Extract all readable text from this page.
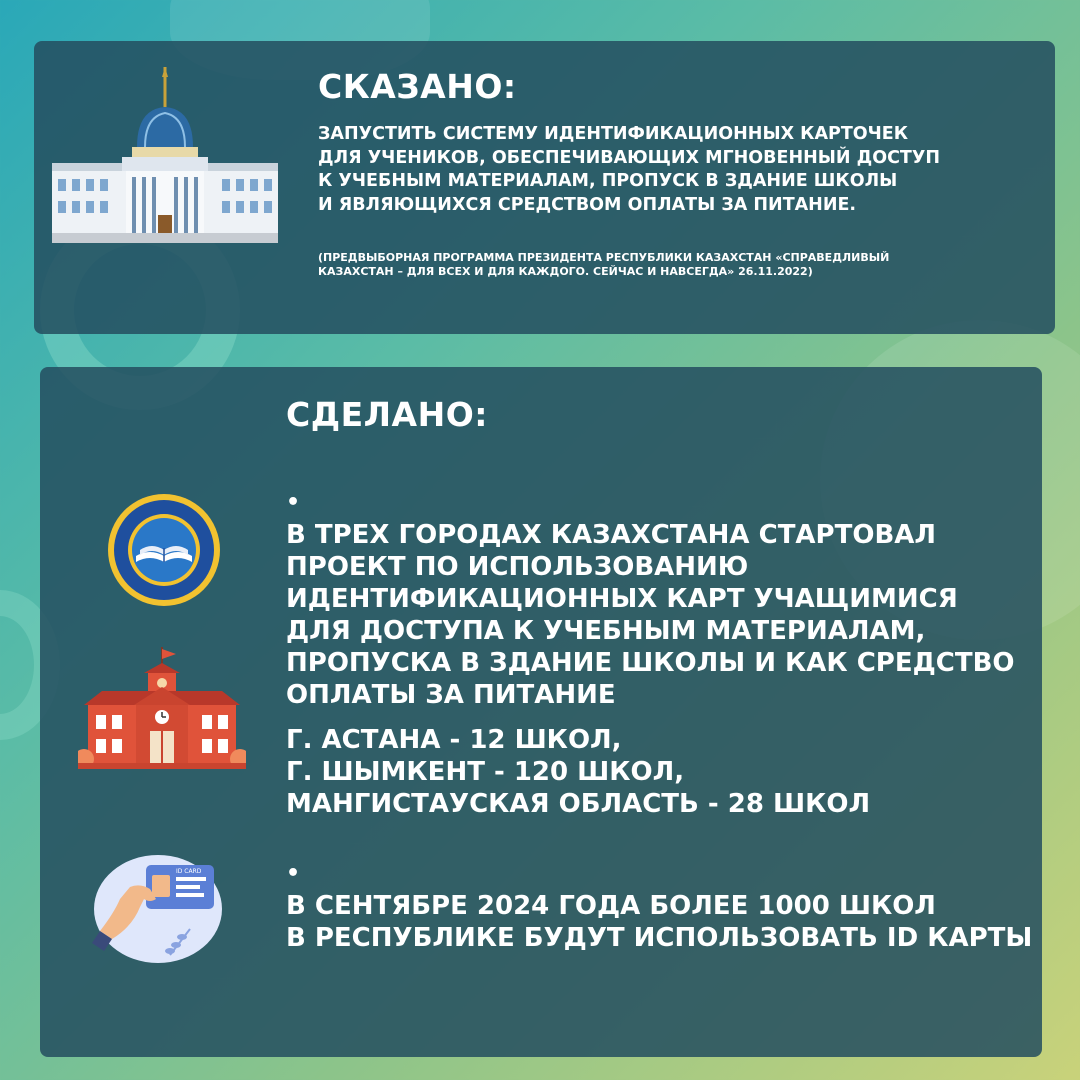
СКАЗАНО:
ЗАПУСТИТЬ СИСТЕМУ ИДЕНТИФИКАЦИОННЫХ КАРТОЧЕК
ДЛЯ УЧЕНИКОВ, ОБЕСПЕЧИВАЮЩИХ МГНОВЕННЫЙ ДОСТУП
К УЧЕБНЫМ МАТЕРИАЛАМ, ПРОПУСК В ЗДАНИЕ ШКОЛЫ
И ЯВЛЯЮЩИХСЯ СРЕДСТВОМ ОПЛАТЫ ЗА ПИТАНИЕ.
(ПРЕДВЫБОРНАЯ ПРОГРАММА ПРЕЗИДЕНТА РЕСПУБЛИКИ КАЗАХСТАН «СПРАВЕДЛИВЫЙ
КАЗАХСТАН – ДЛЯ ВСЕХ И ДЛЯ КАЖДОГО. СЕЙЧАС И НАВСЕГДА» 26.11.2022)
СДЕЛАНО:
•
В ТРЕХ ГОРОДАХ КАЗАХСТАНА СТАРТОВАЛ
ПРОЕКТ ПО ИСПОЛЬЗОВАНИЮ
ИДЕНТИФИКАЦИОННЫХ КАРТ УЧАЩИМИСЯ
ДЛЯ ДОСТУПА К УЧЕБНЫМ МАТЕРИАЛАМ,
ПРОПУСКА В ЗДАНИЕ ШКОЛЫ И КАК СРЕДСТВО
ОПЛАТЫ ЗА ПИТАНИЕ
Г. АСТАНА - 12 ШКОЛ,
Г. ШЫМКЕНТ - 120 ШКОЛ,
МАНГИСТАУСКАЯ ОБЛАСТЬ - 28 ШКОЛ
ID CARD	•
В СЕНТЯБРЕ 2024 ГОДА БОЛЕЕ 1000 ШКОЛ
В РЕСПУБЛИКЕ БУДУТ ИСПОЛЬЗОВАТЬ ID КАРТЫ
